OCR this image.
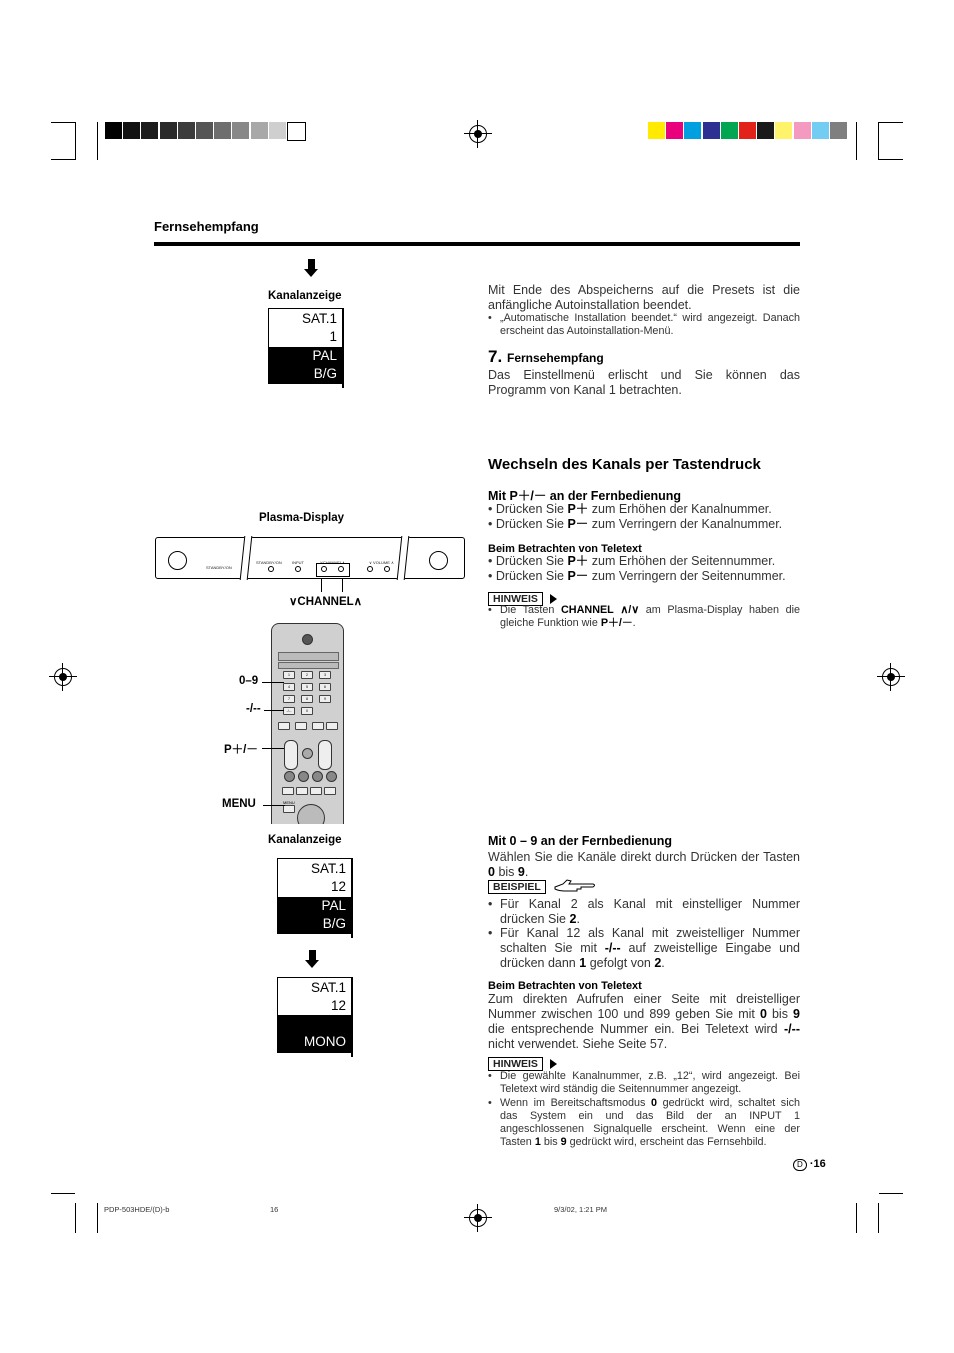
Fernsehempfang
Kanalanzeige
SAT.1
1
PAL
B/G
Plasma-Display
STANDBY/ON
STANDBY/ON	INPUT	∨CHANNEL∧	∨ VOLUME ∧
∨CHANNEL∧
1	2	3
4	5	6
7	8	9
-/--	0
MENU
0–9
-/--
P＋/－
MENU
Kanalanzeige
SAT.1
12
PAL
B/G
SAT.1
12
MONO
Mit Ende des Abspeicherns auf die Presets ist die anfängliche Autoinstallation beendet.
• „Automatische Installation beendet.“ wird angezeigt. Danach erscheint das Autoinstallation-Menü.
7. Fernsehempfang
Das Einstellmenü erlischt und Sie können das Programm von Kanal 1 betrachten.
Wechseln des Kanals per Tastendruck
Mit P＋/－ an der Fernbedienung
• Drücken Sie P＋ zum Erhöhen der Kanalnummer.
• Drücken Sie P－ zum Verringern der Kanalnummer.
Beim Betrachten von Teletext
• Drücken Sie P＋ zum Erhöhen der Seitennummer.
• Drücken Sie P－ zum Verringern der Seitennummer.
HINWEIS
• Die Tasten CHANNEL ∧/∨ am Plasma-Display haben die gleiche Funktion wie P＋/－.
Mit 0 – 9 an der Fernbedienung
Wählen Sie die Kanäle direkt durch Drücken der Tasten 0 bis 9.
BEISPIEL
• Für Kanal 2 als Kanal mit einstelliger Nummer drücken Sie 2.
• Für Kanal 12 als Kanal mit zweistelliger Nummer schalten Sie mit -/-- auf zweistellige Eingabe und drücken dann 1 gefolgt von 2.
Beim Betrachten von Teletext
Zum direkten Aufrufen einer Seite mit dreistelliger Nummer zwischen 100 und 899 geben Sie mit 0 bis 9 die entsprechende Nummer ein. Bei Teletext wird -/-- nicht verwendet. Siehe Seite 57.
HINWEIS
• Die gewählte Kanalnummer, z.B. „12“, wird angezeigt. Bei Teletext wird ständig die Seitennummer angezeigt.
• Wenn im Bereitschaftsmodus 0 gedrückt wird, schaltet sich das System ein und das Bild der an INPUT 1 angeschlossenen Signalquelle erscheint. Wenn eine der Tasten 1 bis 9 gedrückt wird, erscheint das Fernsehbild.
D ·16
PDP-503HDE/(D)-b	16	9/3/02, 1:21 PM
